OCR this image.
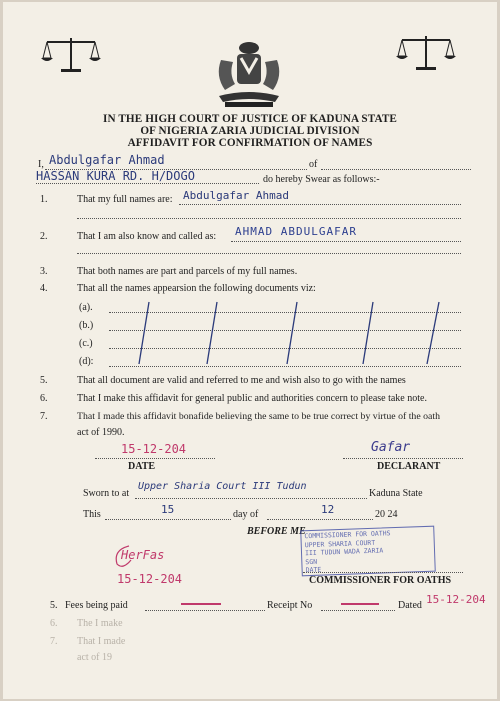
IN THE HIGH COURT OF JUSTICE OF KADUNA STATE
OF NIGERIA ZARIA JUDICIAL DIVISION
AFFIDAVIT FOR CONFIRMATION OF NAMES
I, Abdulgafar Ahmad	of
HASSAN KURA RD. H/DOGO	do hereby Swear as follows:-
1.	That my full names are: Abdulgafar Ahmad
2.	That I am also know and called as: AHMAD ABDULGAFAR
3.	That both names are part and parcels of my full names.
4.	That all the names appearsion the following documents viz:
(a).
(b.)
(c.)
(d):
5.	That all document are valid and referred to me and wish also to go with the names
6.	That I make this affidavit for general public and authorities concern to please take note.
7.	That I made this affidavit bonafide believing the same to be true correct by virtue of the oath
act of 1990.
15-12-204
DATE
Gafar
DECLARANT
Sworn to at
Upper Sharia Court III Tudun
Kaduna State
This	15	day of	12	20 24
BEFORE ME
COMMISSIONER FOR OATHS
UPPER SHARIA COURT
III TUDUN WADA ZARIA
SGN
DATE
HerFas
15-12-204	COMMISSIONER FOR OATHS
5. Fees being paid	Receipt No	Dated 15-12-204
6. The I make
7. That I made
act of 19
